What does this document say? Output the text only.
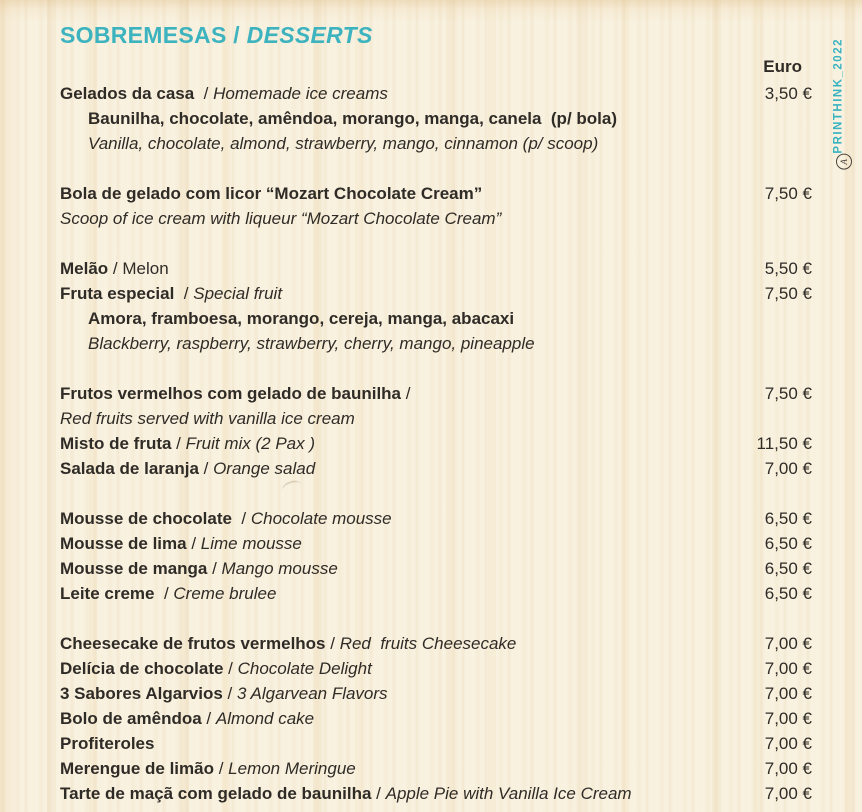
SOBREMESAS / DESSERTS
Euro
Gelados da casa  / Homemade ice creams	3,50 €
Baunilha, chocolate, amêndoa, morango, manga, canela  (p/ bola)
Vanilla, chocolate, almond, strawberry, mango, cinnamon (p/ scoop)
Bola de gelado com licor “Mozart Chocolate Cream”	7,50 €
Scoop of ice cream with liqueur “Mozart Chocolate Cream”
Melão / Melon	5,50 €
Fruta especial  / Special fruit	7,50 €
Amora, framboesa, morango, cereja, manga, abacaxi
Blackberry, raspberry, strawberry, cherry, mango, pineapple
Frutos vermelhos com gelado de baunilha /	7,50 €
Red fruits served with vanilla ice cream
Misto de fruta / Fruit mix (2 Pax )	11,50 €
Salada de laranja / Orange salad	7,00 €
Mousse de chocolate  / Chocolate mousse	6,50 €
Mousse de lima / Lime mousse	6,50 €
Mousse de manga / Mango mousse	6,50 €
Leite creme  / Creme brulee	6,50 €
Cheesecake de frutos vermelhos / Red  fruits Cheesecake	7,00 €
Delícia de chocolate / Chocolate Delight	7,00 €
3 Sabores Algarvios / 3 Algarvean Flavors	7,00 €
Bolo de amêndoa / Almond cake	7,00 €
Profiteroles	7,00 €
Merengue de limão / Lemon Meringue	7,00 €
Tarte de maçã com gelado de baunilha / Apple Pie with Vanilla Ice Cream	7,00 €
A
PRINTHINK_2022
